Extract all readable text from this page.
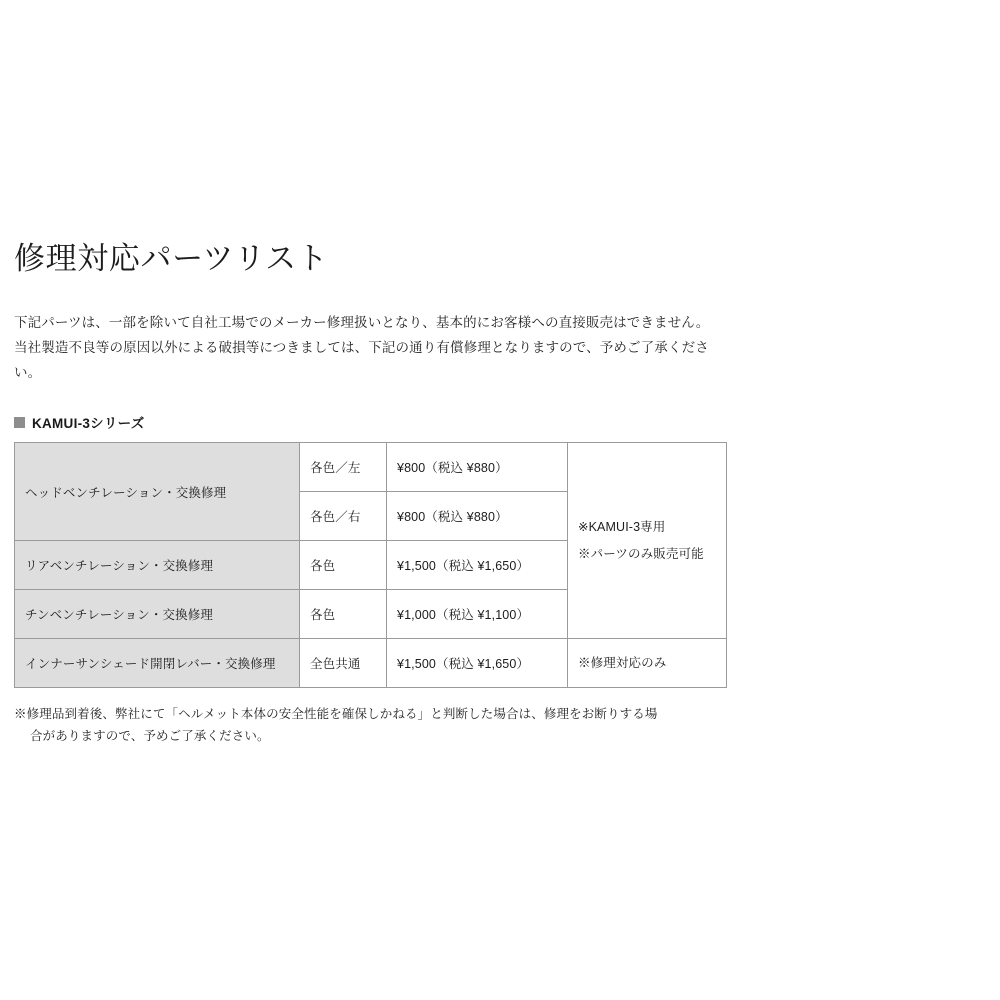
修理対応パーツリスト

下記パーツは、一部を除いて自社工場でのメーカー修理扱いとなり、基本的にお客様への直接販売はできません。

当社製造不良等の原因以外による破損等につきましては、下記の通り有償修理となりますので、予めご了承ください。

KAMUI-3シリーズ
ヘッドベンチレーション・交換修理	各色／左	¥800（税込 ¥880）	※KAMUI-3専用
※パーツのみ販売可能

	各色／右	¥800（税込 ¥880）	
リアベンチレーション・交換修理	各色	¥1,500（税込 ¥1,650）	
チンベンチレーション・交換修理	各色	¥1,000（税込 ¥1,100）	
インナーサンシェード開閉レバー・交換修理	全色共通	¥1,500（税込 ¥1,650）	※修理対応のみ
※修理品到着後、弊社にて「ヘルメット本体の安全性能を確保しかねる」と判断した場合は、修理をお断りする場
合がありますので、予めご了承ください。
